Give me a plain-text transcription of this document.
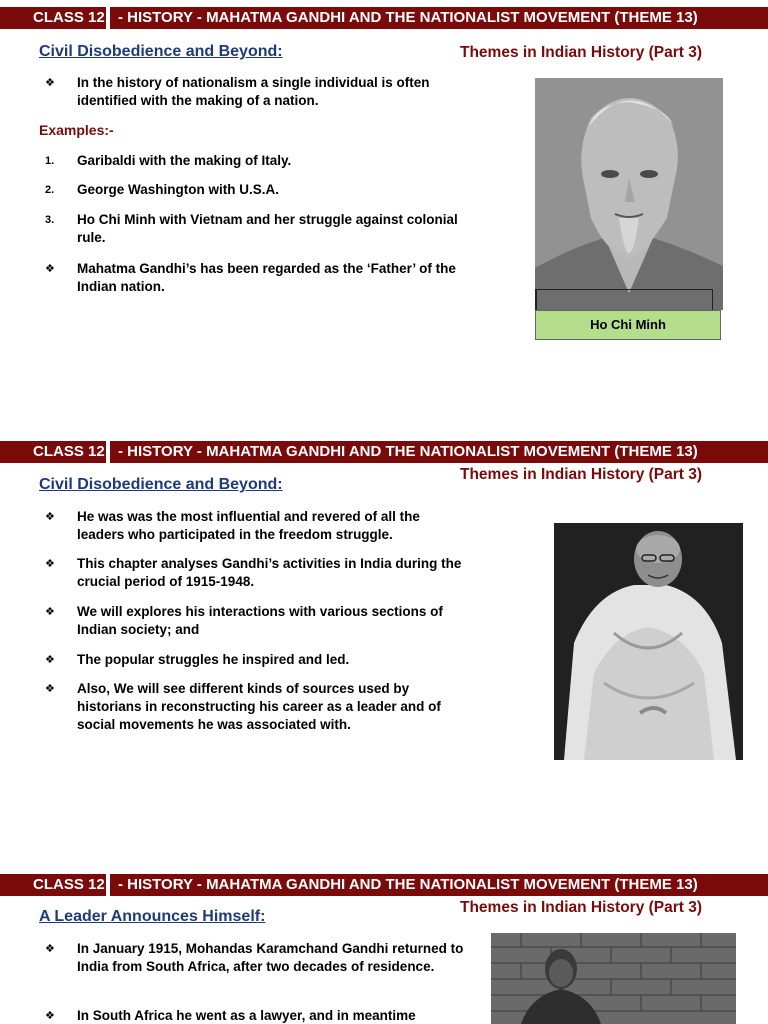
CLASS 12 - HISTORY - MAHATMA GANDHI AND THE NATIONALIST MOVEMENT (THEME 13)
Civil Disobedience and Beyond:	Themes in Indian History (Part 3)
❖	In the history of nationalism a single individual is often identified with the making of a nation.
Examples:-
1.	Garibaldi with the making of Italy.
2.	George Washington with U.S.A.
3.	Ho Chi Minh with Vietnam and her struggle against colonial rule.
❖	Mahatma Gandhi’s has been regarded as the ‘Father’ of the Indian nation.
Ho Chi Minh
CLASS 12 - HISTORY - MAHATMA GANDHI AND THE NATIONALIST MOVEMENT (THEME 13)
Themes in Indian History (Part 3)
Civil Disobedience and Beyond:
❖	He was was the most influential and revered of all the leaders who participated in the freedom struggle.
❖	This chapter analyses Gandhi’s activities in India during the crucial period of 1915-1948.
❖	We will explores his interactions with various sections of Indian society; and
❖	The popular struggles he inspired and led.
❖	Also, We will see different kinds of sources used by historians in reconstructing his career as a leader and of social movements he was associated with.
CLASS 12 - HISTORY - MAHATMA GANDHI AND THE NATIONALIST MOVEMENT (THEME 13)
Themes in Indian History (Part 3)
A Leader Announces Himself:
❖	In January 1915, Mohandas Karamchand Gandhi returned to India from South Africa, after two decades of residence.
❖	In South Africa he went as a lawyer, and in meantime
